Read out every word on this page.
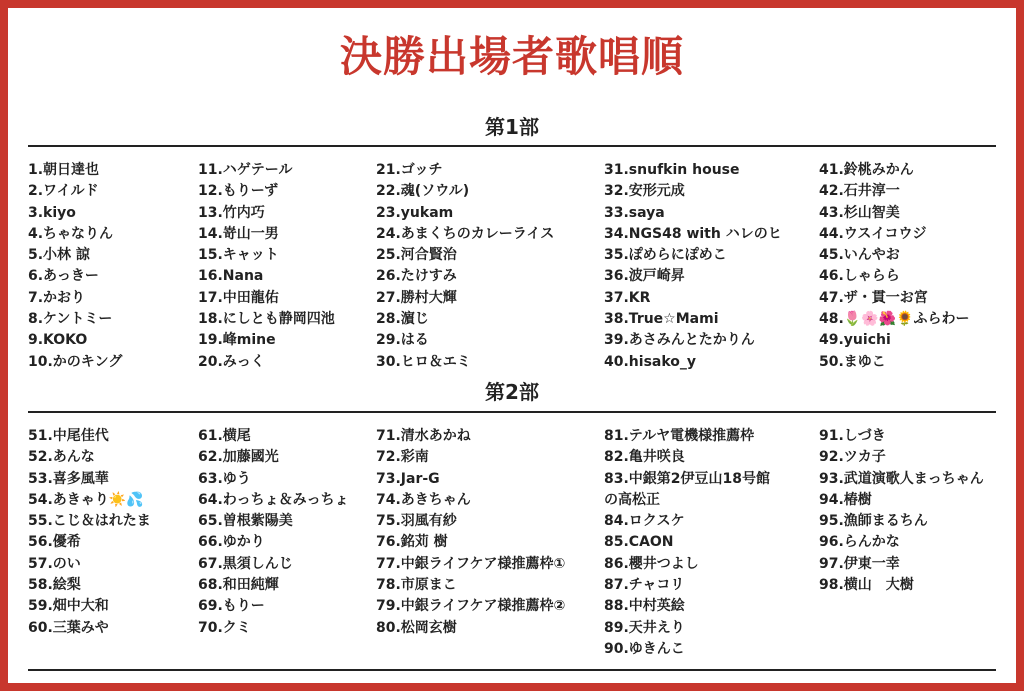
決勝出場者歌唱順
第1部
1.朝日達也
2.ワイルド
3.kiyo
4.ちゃなりん
5.小林 諒
6.あっきー
7.かおり
8.ケントミー
9.KOKO
10.かのキング
11.ハゲテール
12.もりーず
13.竹内巧
14.嵜山一男
15.キャット
16.Nana
17.中田龍佑
18.にしとも静岡四池
19.峰mine
20.みっく
21.ゴッチ
22.魂(ソウル)
23.yukam
24.あまくちのカレーライス
25.河合賢治
26.たけすみ
27.勝村大輝
28.濵じ
29.はる
30.ヒロ＆エミ
31.snufkin house
32.安形元成
33.saya
34.NGS48 with ハレのヒ
35.ぽめらにぽめこ
36.波戸崎昇
37.KR
38.True☆Mami
39.あさみんとたかりん
40.hisako_y
41.鈴桃みかん
42.石井淳一
43.杉山智美
44.ウスイコウジ
45.いんやお
46.しゃらら
47.ザ・貫一お宮
48.🌷🌸🌺🌻ふらわー
49.yuichi
50.まゆこ
第2部
51.中尾佳代
52.あんな
53.喜多風華
54.あきゃり☀️💦
55.こじ＆はれたま
56.優希
57.のい
58.絵梨
59.畑中大和
60.三葉みや
61.横尾
62.加藤國光
63.ゆう
64.わっちょ＆みっちょ
65.曽根紫陽美
66.ゆかり
67.黒須しんじ
68.和田純輝
69.もりー
70.クミ
71.清水あかね
72.彩南
73.Jar-G
74.あきちゃん
75.羽風有紗
76.銘苅 樹
77.中銀ライフケア様推薦枠①
78.市原まこ
79.中銀ライフケア様推薦枠②
80.松岡玄樹
81.テルヤ電機様推薦枠
82.亀井咲良
83.中銀第2伊豆山18号館
の高松正
84.ロクスケ
85.CAON
86.櫻井つよし
87.チャコリ
88.中村英絵
89.天井えり
90.ゆきんこ
91.しづき
92.ツカ子
93.武道演歌人まっちゃん
94.椿樹
95.漁師まるちん
96.らんかな
97.伊東一幸
98.横山　大樹
